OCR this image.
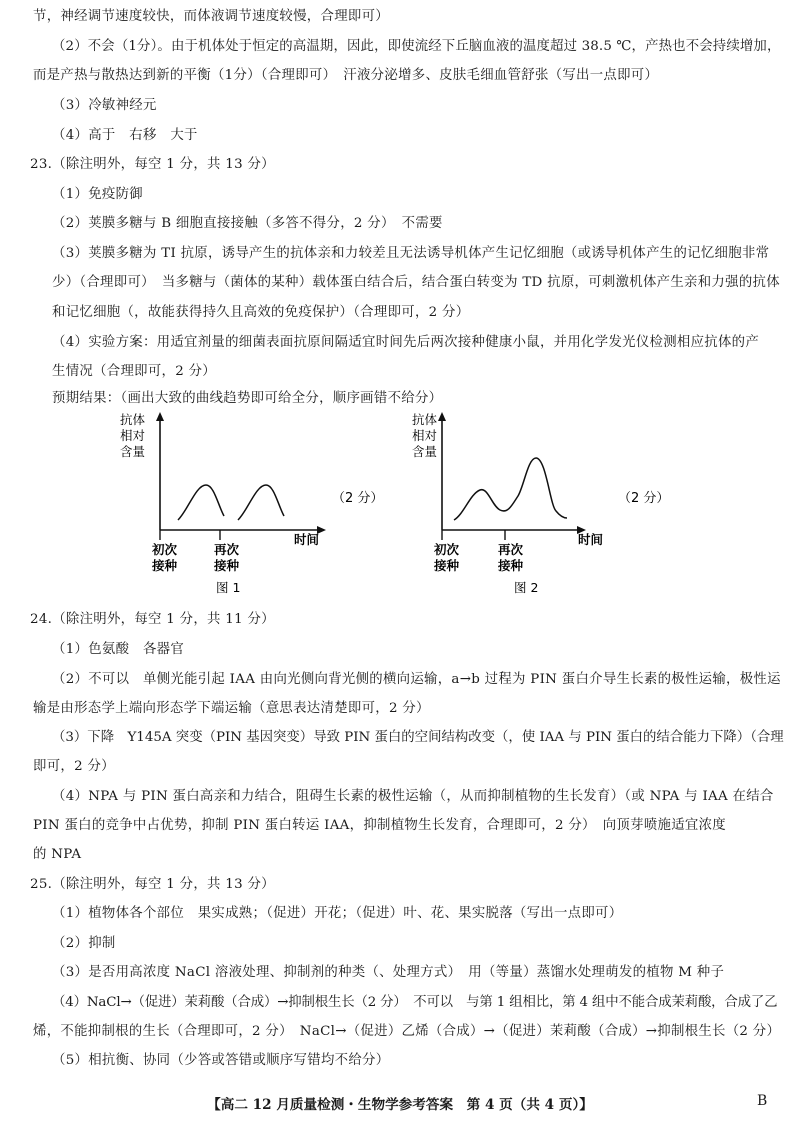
节，神经调节速度较快，而体液调节速度较慢，合理即可）
（2）不会（1分）。由于机体处于恒定的高温期，因此，即使流经下丘脑血液的温度超过 38.5 ℃，产热也不会持续增加，
而是产热与散热达到新的平衡（1分）（合理即可）　汗液分泌增多、皮肤毛细血管舒张（写出一点即可）
（3）冷敏神经元
（4）高于　右移　大于
23.（除注明外，每空 1 分，共 13 分）
（1）免疫防御
（2）荚膜多糖与 B 细胞直接接触（多答不得分，2 分）　不需要
（3）荚膜多糖为 TI 抗原，诱导产生的抗体亲和力较差且无法诱导机体产生记忆细胞（或诱导机体产生的记忆细胞非常
少）（合理即可）　当多糖与（菌体的某种）载体蛋白结合后，结合蛋白转变为 TD 抗原，可刺激机体产生亲和力强的抗体
和记忆细胞（，故能获得持久且高效的免疫保护）（合理即可，2 分）
（4）实验方案：用适宜剂量的细菌表面抗原间隔适宜时间先后两次接种健康小鼠，并用化学发光仪检测相应抗体的产
生情况（合理即可，2 分）
预期结果：（画出大致的曲线趋势即可给全分，顺序画错不给分）
抗体
相对
含量
初次
接种
再次
接种
时间
图 1
（2 分）
抗体
相对
含量
初次
接种
再次
接种
时间
图 2
（2 分）
24.（除注明外，每空 1 分，共 11 分）
（1）色氨酸　各器官
（2）不可以　单侧光能引起 IAA 由向光侧向背光侧的横向运输，a→b 过程为 PIN 蛋白介导生长素的极性运输，极性运
输是由形态学上端向形态学下端运输（意思表达清楚即可，2 分）
（3）下降　Y145A 突变（PIN 基因突变）导致 PIN 蛋白的空间结构改变（，使 IAA 与 PIN 蛋白的结合能力下降）（合理
即可，2 分）
（4）NPA 与 PIN 蛋白高亲和力结合，阻碍生长素的极性运输（，从而抑制植物的生长发育）（或 NPA 与 IAA 在结合
PIN 蛋白的竞争中占优势，抑制 PIN 蛋白转运 IAA，抑制植物生长发育，合理即可，2 分）　向顶芽喷施适宜浓度
的 NPA
25.（除注明外，每空 1 分，共 13 分）
（1）植物体各个部位　果实成熟；（促进）开花；（促进）叶、花、果实脱落（写出一点即可）
（2）抑制
（3）是否用高浓度 NaCl 溶液处理、抑制剂的种类（、处理方式）　用（等量）蒸馏水处理萌发的植物 M 种子
（4）NaCl→（促进）茉莉酸（合成）→抑制根生长（2 分）　不可以　与第 1 组相比，第 4 组中不能合成茉莉酸，合成了乙
烯，不能抑制根的生长（合理即可，2 分）　NaCl→（促进）乙烯（合成）→（促进）茉莉酸（合成）→抑制根生长（2 分）
（5）相抗衡、协同（少答或答错或顺序写错均不给分）
【高二 12 月质量检测・生物学参考答案　第 4 页（共 4 页）】	B
